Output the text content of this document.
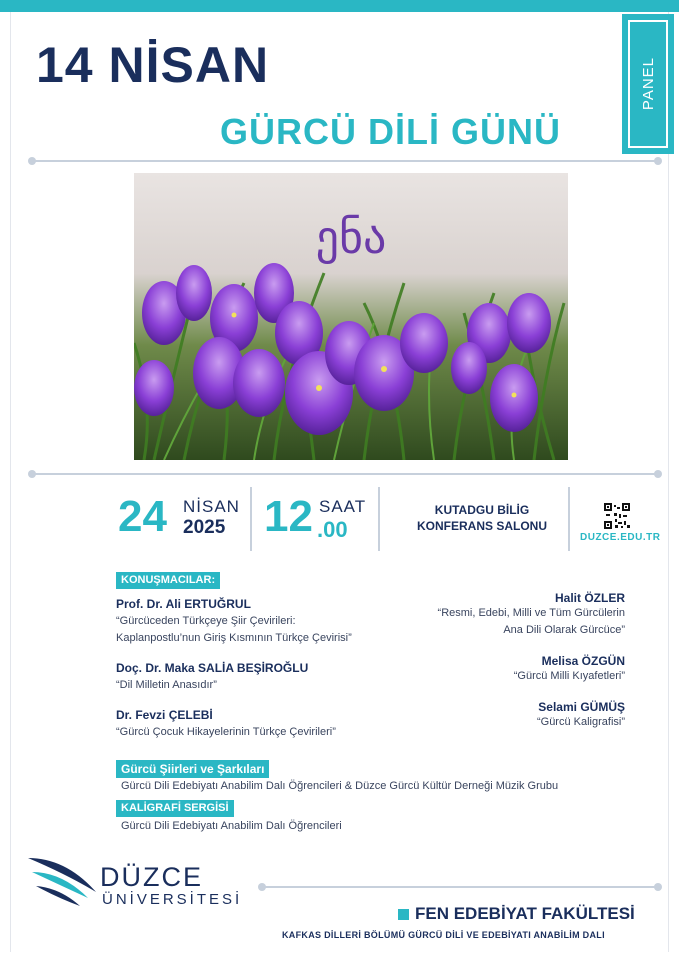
14 NİSAN
GÜRCÜ DİLİ GÜNÜ
PANEL
ენა
24 NİSAN
2025 12 SAAT
.00
KUTADGU BİLİG
KONFERANS SALONU
DUZCE.EDU.TR
KONUŞMACILAR:
Prof. Dr. Ali ERTUĞRUL
“Gürcüceden Türkçeye Şiir Çevirileri:
Kaplanpostlu’nun Giriş Kısmının Türkçe Çevirisi”
Doç. Dr. Maka SALİA BEŞİROĞLU
“Dil Milletin Anasıdır”
Dr. Fevzi ÇELEBİ
“Gürcü Çocuk Hikayelerinin Türkçe Çevirileri”
Halit ÖZLER
“Resmi, Edebi, Milli ve Tüm Gürcülerin
Ana Dili Olarak Gürcüce”
Melisa ÖZGÜN
“Gürcü Milli Kıyafetleri”
Selami GÜMÜŞ
“Gürcü Kaligrafisi”
Gürcü Şiirleri ve Şarkıları
Gürcü Dili Edebiyatı Anabilim Dalı Öğrencileri & Düzce Gürcü Kültür Derneği Müzik Grubu
KALİGRAFİ SERGİSİ
Gürcü Dili Edebiyatı Anabilim Dalı Öğrencileri
DÜZCE
ÜNİVERSİTESİ
FEN EDEBİYAT FAKÜLTESİ
KAFKAS DİLLERİ BÖLÜMÜ GÜRCÜ DİLİ VE EDEBİYATI ANABİLİM DALI
